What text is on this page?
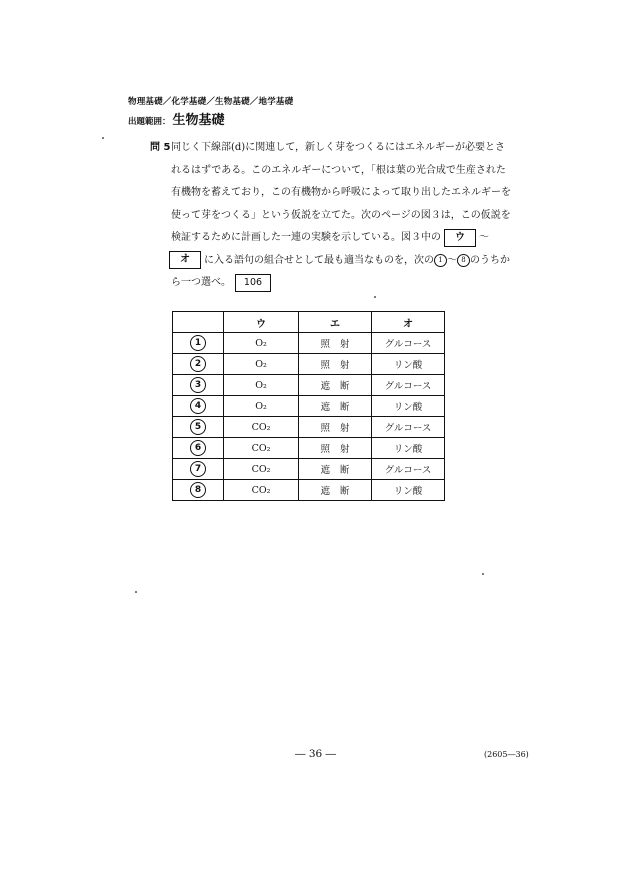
物理基礎／化学基礎／生物基礎／地学基礎
出題範囲： 生物基礎
問 5 同じく下線部(d)に関連して，新しく芽をつくるにはエネルギーが必要とさ
れるはずである。このエネルギーについて，「根は葉の光合成で生産された
有機物を蓄えており，この有機物から呼吸によって取り出したエネルギーを
使って芽をつくる」という仮説を立てた。次のページの図３は，この仮説を
検証するために計画した一連の実験を示している。図３中の ウ ～
オ に入る語句の組合せとして最も適当なものを，次の 1 ～ 8 のうちか
ら一つ選べ。 106
	ウ	エ	オ
1	O₂	照射	グルコース
2	O₂	照射	リン酸
3	O₂	遮断	グルコース
4	O₂	遮断	リン酸
5	CO₂	照射	グルコース
6	CO₂	照射	リン酸
7	CO₂	遮断	グルコース
8	CO₂	遮断	リン酸
― 36 ―	(2605―36)
